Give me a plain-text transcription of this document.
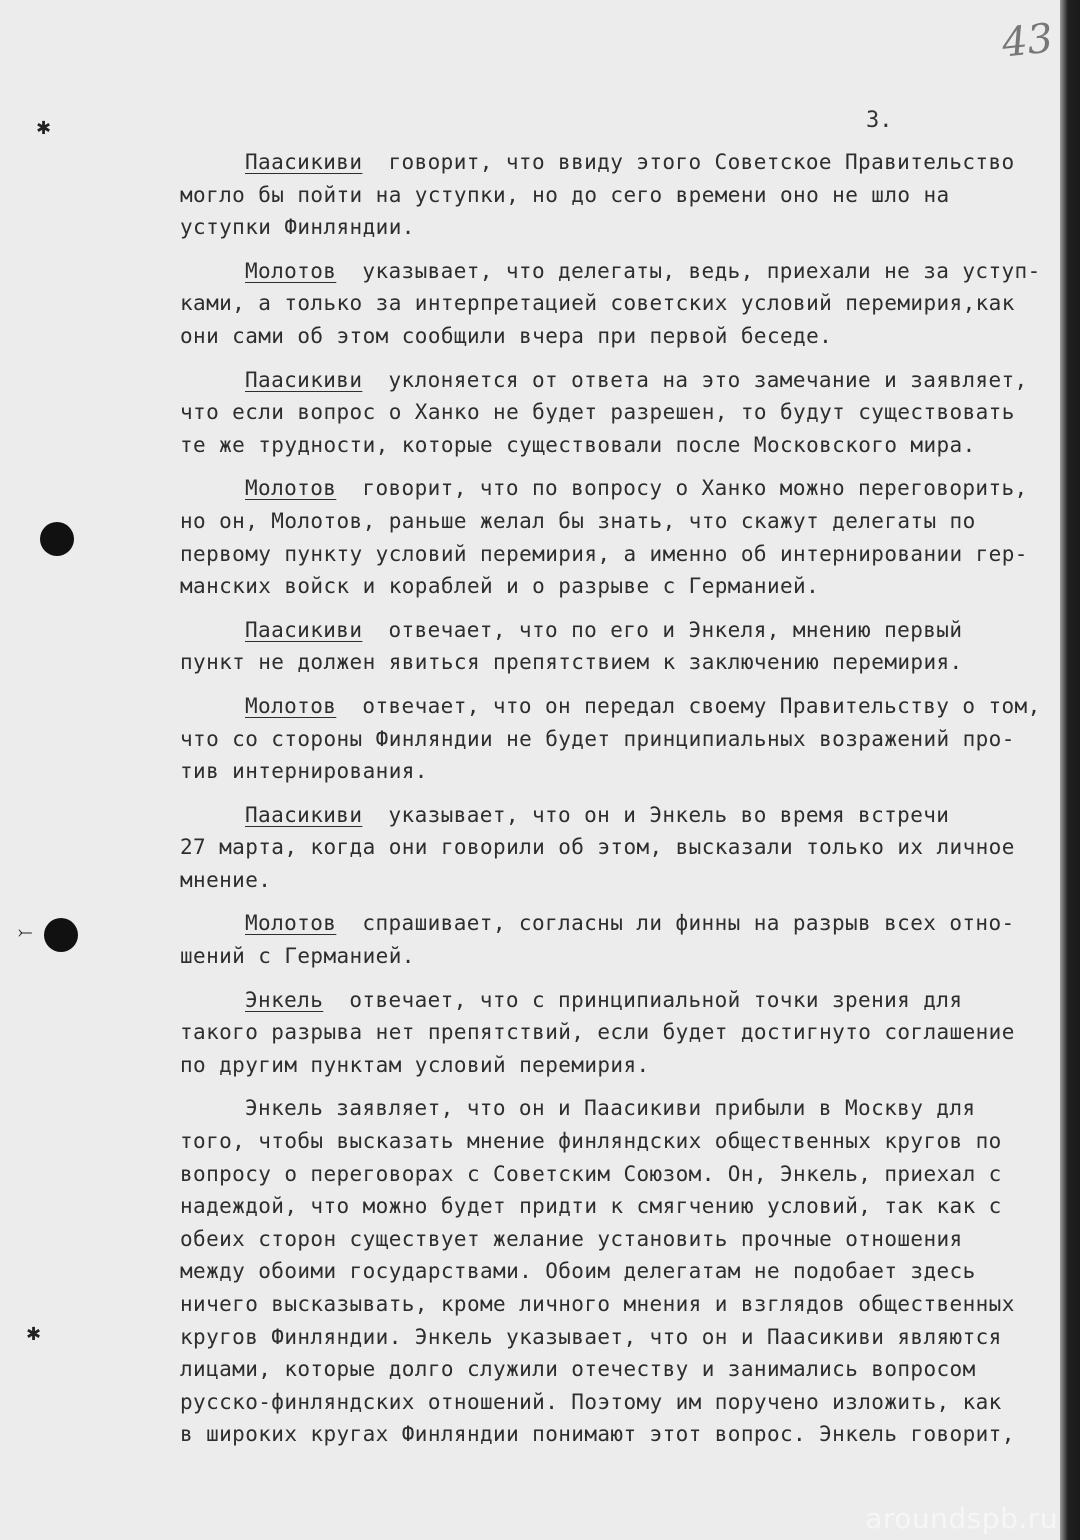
43
3.
✱
⤚
✱
Паасикиви говорит, что ввиду этого Советское Правительство
могло бы пойти на уступки, но до сего времени оно не шло на
уступки Финляндии.
Молотов указывает, что делегаты, ведь, приехали не за уступ-
ками, а только за интерпретацией советских условий перемирия,как
они сами об этом сообщили вчера при первой беседе.
Паасикиви уклоняется от ответа на это замечание и заявляет,
что если вопрос о Ханко не будет разрешен, то будут существовать
те же трудности, которые существовали после Московского мира.
Молотов говорит, что по вопросу о Ханко можно переговорить,
но он, Молотов, раньше желал бы знать, что скажут делегаты по
первому пункту условий перемирия, а именно об интернировании гер-
манских войск и кораблей и о разрыве с Германией.
Паасикиви отвечает, что по его и Энкеля, мнению первый
пункт не должен явиться препятствием к заключению перемирия.
Молотов отвечает, что он передал своему Правительству о том,
что со стороны Финляндии не будет принципиальных возражений про-
тив интернирования.
Паасикиви указывает, что он и Энкель во время встречи
27 марта, когда они говорили об этом, высказали только их личное
мнение.
Молотов спрашивает, согласны ли финны на разрыв всех отно-
шений с Германией.
Энкель отвечает, что с принципиальной точки зрения для
такого разрыва нет препятствий, если будет достигнуто соглашение
по другим пунктам условий перемирия.
Энкель заявляет, что он и Паасикиви прибыли в Москву для
того, чтобы высказать мнение финляндских общественных кругов по
вопросу о переговорах с Советским Союзом. Он, Энкель, приехал с
надеждой, что можно будет придти к смягчению условий, так как с
обеих сторон существует желание установить прочные отношения
между обоими государствами. Обоим делегатам не подобает здесь
ничего высказывать, кроме личного мнения и взглядов общественных
кругов Финляндии. Энкель указывает, что он и Паасикиви являются
лицами, которые долго служили отечеству и занимались вопросом
русско-финляндских отношений. Поэтому им поручено изложить, как
в широких кругах Финляндии понимают этот вопрос. Энкель говорит,
aroundspb.ru
